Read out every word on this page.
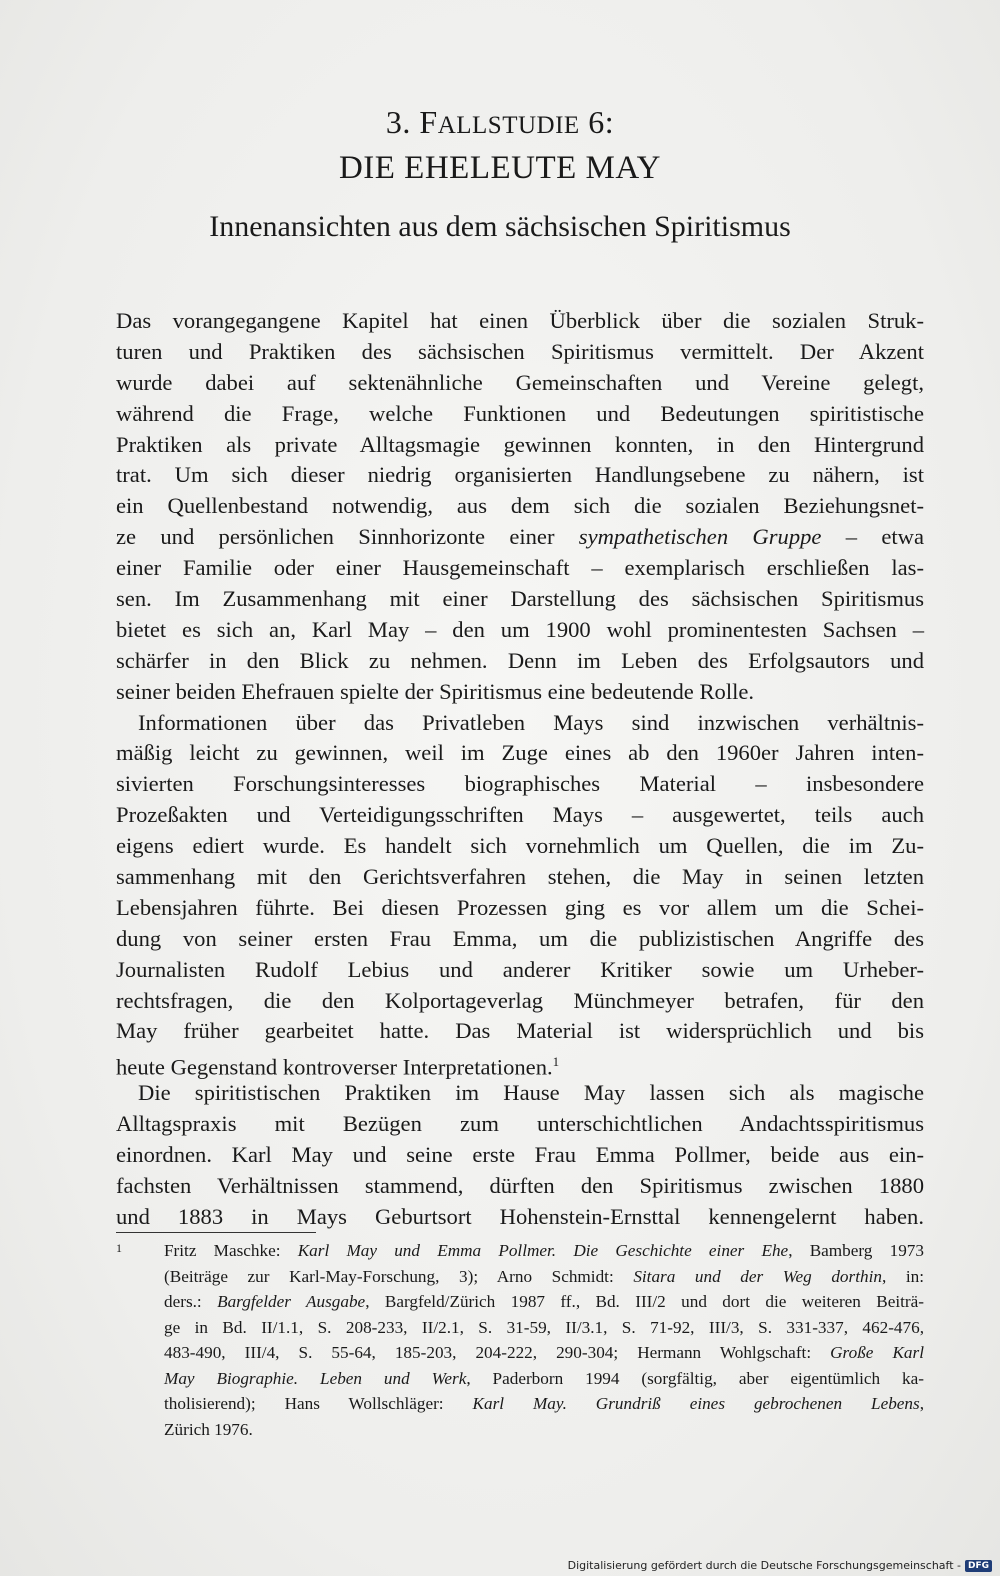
3. FALLSTUDIE 6:
DIE EHELEUTE MAY
Innenansichten aus dem sächsischen Spiritismus
Das vorangegangene Kapitel hat einen Überblick über die sozialen Struk-
turen und Praktiken des sächsischen Spiritismus vermittelt. Der Akzent
wurde dabei auf sektenähnliche Gemeinschaften und Vereine gelegt,
während die Frage, welche Funktionen und Bedeutungen spiritistische
Praktiken als private Alltagsmagie gewinnen konnten, in den Hintergrund
trat. Um sich dieser niedrig organisierten Handlungsebene zu nähern, ist
ein Quellenbestand notwendig, aus dem sich die sozialen Beziehungsnet-
ze und persönlichen Sinnhorizonte einer sympathetischen Gruppe – etwa
einer Familie oder einer Hausgemeinschaft – exemplarisch erschließen las-
sen. Im Zusammenhang mit einer Darstellung des sächsischen Spiritismus
bietet es sich an, Karl May – den um 1900 wohl prominentesten Sachsen –
schärfer in den Blick zu nehmen. Denn im Leben des Erfolgsautors und
seiner beiden Ehefrauen spielte der Spiritismus eine bedeutende Rolle.
Informationen über das Privatleben Mays sind inzwischen verhältnis-
mäßig leicht zu gewinnen, weil im Zuge eines ab den 1960er Jahren inten-
sivierten Forschungsinteresses biographisches Material – insbesondere
Prozeßakten und Verteidigungsschriften Mays – ausgewertet, teils auch
eigens ediert wurde. Es handelt sich vornehmlich um Quellen, die im Zu-
sammenhang mit den Gerichtsverfahren stehen, die May in seinen letzten
Lebensjahren führte. Bei diesen Prozessen ging es vor allem um die Schei-
dung von seiner ersten Frau Emma, um die publizistischen Angriffe des
Journalisten Rudolf Lebius und anderer Kritiker sowie um Urheber-
rechtsfragen, die den Kolportageverlag Münchmeyer betrafen, für den
May früher gearbeitet hatte. Das Material ist widersprüchlich und bis
heute Gegenstand kontroverser Interpretationen.$^1$
Die spiritistischen Praktiken im Hause May lassen sich als magische
Alltagspraxis mit Bezügen zum unterschichtlichen Andachtsspiritismus
einordnen. Karl May und seine erste Frau Emma Pollmer, beide aus ein-
fachsten Verhältnissen stammend, dürften den Spiritismus zwischen 1880
und 1883 in Mays Geburtsort Hohenstein-Ernsttal kennengelernt haben.
1 Fritz Maschke: Karl May und Emma Pollmer. Die Geschichte einer Ehe, Bamberg 1973
(Beiträge zur Karl-May-Forschung, 3); Arno Schmidt: Sitara und der Weg dorthin, in:
ders.: Bargfelder Ausgabe, Bargfeld/Zürich 1987 ff., Bd. III/2 und dort die weiteren Beiträ-
ge in Bd. II/1.1, S. 208-233, II/2.1, S. 31-59, II/3.1, S. 71-92, III/3, S. 331-337, 462-476,
483-490, III/4, S. 55-64, 185-203, 204-222, 290-304; Hermann Wohlgschaft: Große Karl
May Biographie. Leben und Werk, Paderborn 1994 (sorgfältig, aber eigentümlich ka-
tholisierend); Hans Wollschläger: Karl May. Grundriß eines gebrochenen Lebens,
Zürich 1976.
Digitalisierung gefördert durch die Deutsche Forschungsgemeinschaft - DFG
